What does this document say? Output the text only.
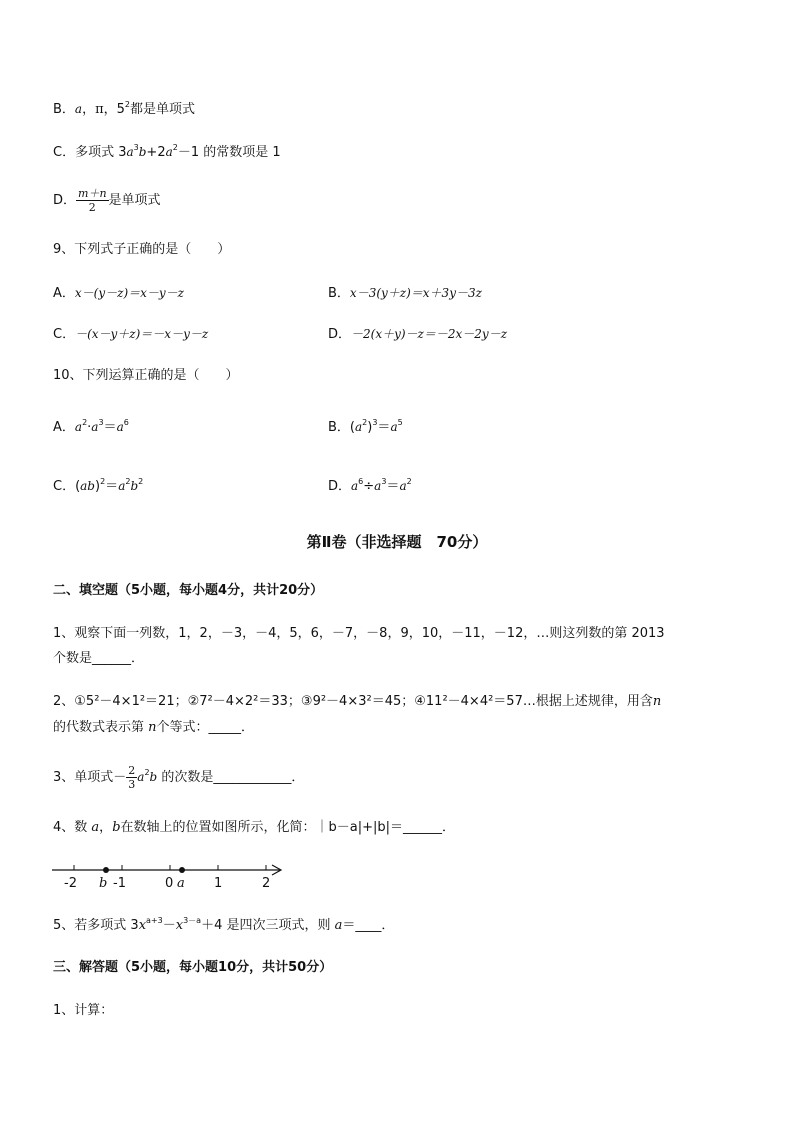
B．a，π，$5^2$都是单项式
C．多项式 $3a^3b+2a^2-1$ 的常数项是 1
D． $\frac{m+n}{2}$ 是单项式
9、下列式子正确的是（　　）
A．x－(y－z)＝x－y－z	B．x－3(y＋z)＝x＋3y－3z
C．－(x－y＋z)＝－x－y－z	D．－2(x＋y)－z＝－2x－2y－z
10、下列运算正确的是（　　）
A．$a^2\cdot a^3=a^6$	B．$(a^2)^3=a^5$
C．$(ab)^2=a^2b^2$	D．$a^6\div a^3=a^2$
第Ⅱ卷（非选择题　70分）
二、填空题（5小题，每小题4分，共计20分）
1、观察下面一列数，1，2，－3，－4，5，6，－7，－8，9，10，－11，－12，…则这列数的第 2013
个数是______．
2、①5²－4×1²＝21；②7²－4×2²＝33；③9²－4×3²＝45；④11²－4×4²＝57…根据上述规律，用含n
的代数式表示第 n个等式：_____．
3、单项式－ $\frac{2}{3} a^2b$ 的次数是____________．
4、数 a，b在数轴上的位置如图所示，化简：｜b－a|+|b|＝______．
-2 b -1	0 a 1	2
5、若多项式 $3x^{a+3}-x^{3-a}+4$ 是四次三项式，则 a＝____．
三、解答题（5小题，每小题10分，共计50分）
1、计算：
